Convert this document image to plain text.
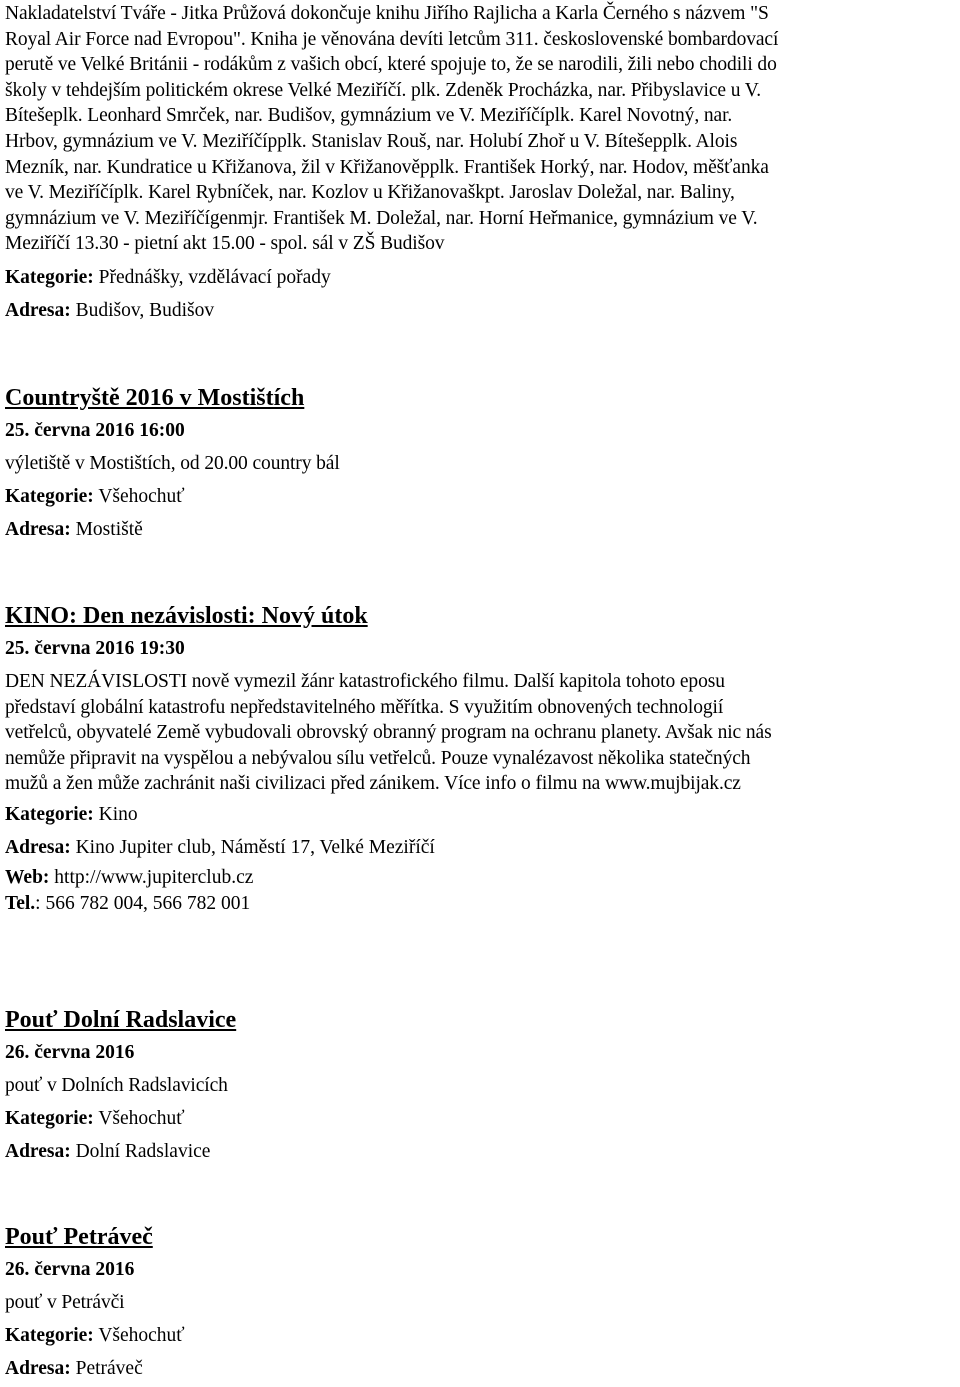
Nakladatelství Tváře - Jitka Průžová dokončuje knihu Jiřího Rajlicha a Karla Černého s názvem "S
Royal Air Force nad Evropou". Kniha je věnována devíti letcům 311. československé bombardovací
perutě ve Velké Británii - rodákům z vašich obcí, které spojuje to, že se narodili, žili nebo chodili do
školy v tehdejším politickém okrese Velké Meziříčí. plk. Zdeněk Procházka, nar. Přibyslavice u V.
Bítešeplk. Leonhard Smrček, nar. Budišov, gymnázium ve V. Meziříčíplk. Karel Novotný, nar.
Hrbov, gymnázium ve V. Meziříčípplk. Stanislav Rouš, nar. Holubí Zhoř u V. Bítešepplk. Alois
Mezník, nar. Kundratice u Křižanova, žil v Křižanověpplk. František Horký, nar. Hodov, měšťanka
ve V. Meziříčíplk. Karel Rybníček, nar. Kozlov u Křižanovaškpt. Jaroslav Doležal, nar. Baliny,
gymnázium ve V. Meziříčígenmjr. František M. Doležal, nar. Horní Heřmanice, gymnázium ve V.
Meziříčí 13.30 - pietní akt 15.00 - spol. sál v ZŠ Budišov

Kategorie: Přednášky, vzdělávací pořady

Adresa: Budišov, Budišov

Countryště 2016 v Mostištích

25. června 2016 16:00

výletiště v Mostištích, od 20.00 country bál

Kategorie: Všehochuť

Adresa: Mostiště

KINO: Den nezávislosti: Nový útok

25. června 2016 19:30

DEN NEZÁVISLOSTI nově vymezil žánr katastrofického filmu. Další kapitola tohoto eposu
představí globální katastrofu nepředstavitelného měřítka. S využitím obnovených technologií
vetřelců, obyvatelé Země vybudovali obrovský obranný program na ochranu planety. Avšak nic nás
nemůže připravit na vyspělou a nebývalou sílu vetřelců. Pouze vynalézavost několika statečných
mužů a žen může zachránit naši civilizaci před zánikem. Více info o filmu na www.mujbijak.cz

Kategorie: Kino

Adresa: Kino Jupiter club, Náměstí 17, Velké Meziříčí

Web: http://www.jupiterclub.cz

Tel.: 566 782 004, 566 782 001

Pouť Dolní Radslavice

26. června 2016

pouť v Dolních Radslavicích

Kategorie: Všehochuť

Adresa: Dolní Radslavice

Pouť Petráveč

26. června 2016

pouť v Petrávči

Kategorie: Všehochuť

Adresa: Petráveč
